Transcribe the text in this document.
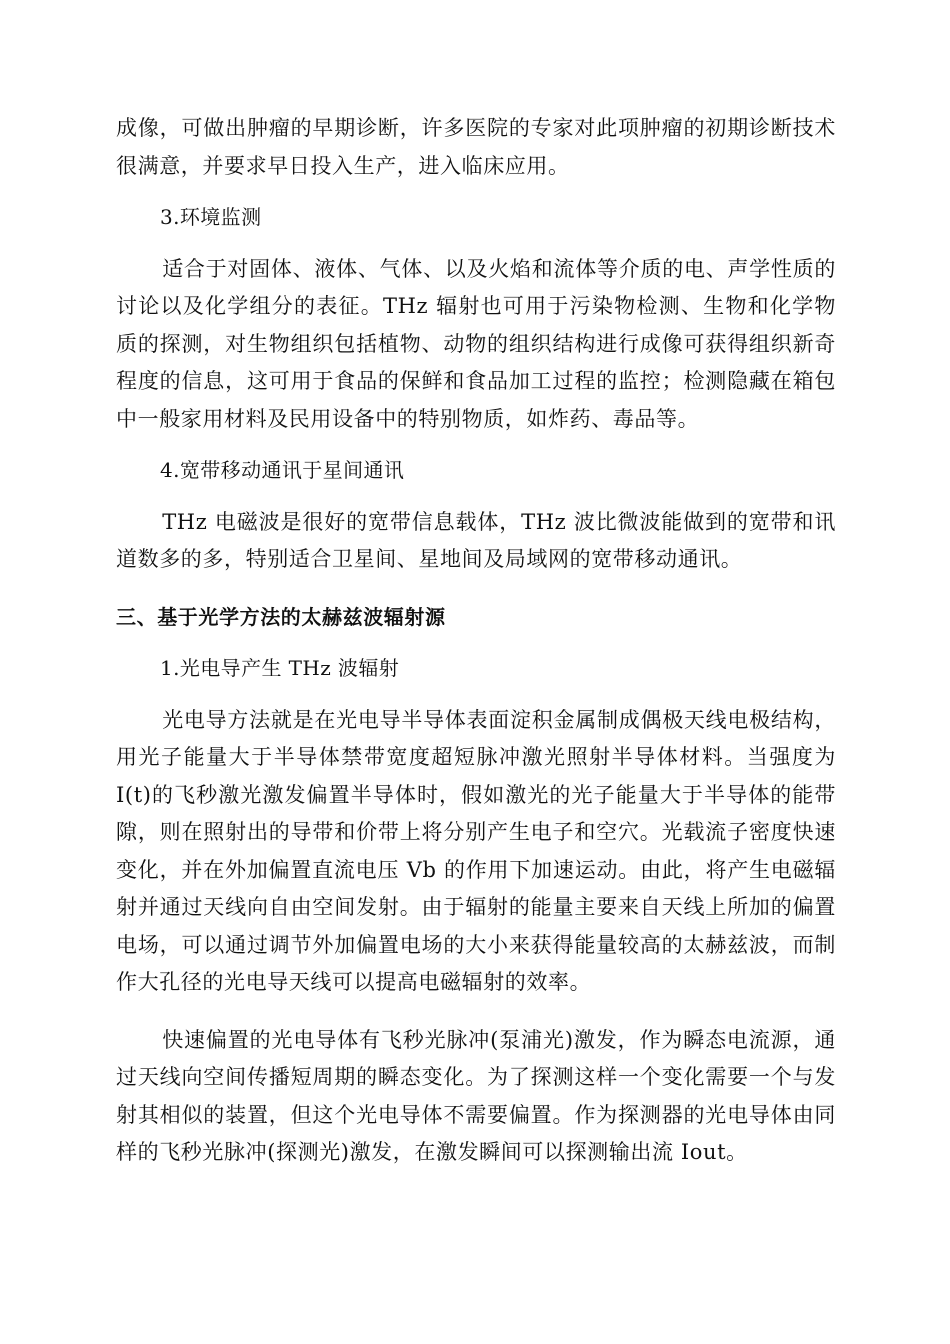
成像，可做出肿瘤的早期诊断，许多医院的专家对此项肿瘤的初期诊断技术很满意，并要求早日投入生产，进入临床应用。

3.环境监测

适合于对固体、液体、气体、以及火焰和流体等介质的电、声学性质的讨论以及化学组分的表征。THz 辐射也可用于污染物检测、生物和化学物质的探测，对生物组织包括植物、动物的组织结构进行成像可获得组织新奇程度的信息，这可用于食品的保鲜和食品加工过程的监控；检测隐藏在箱包中一般家用材料及民用设备中的特别物质，如炸药、毒品等。

4.宽带移动通讯于星间通讯

THz 电磁波是很好的宽带信息载体，THz 波比微波能做到的宽带和讯道数多的多，特别适合卫星间、星地间及局域网的宽带移动通讯。

三、基于光学方法的太赫兹波辐射源

1.光电导产生 THz 波辐射

光电导方法就是在光电导半导体表面淀积金属制成偶极天线电极结构，用光子能量大于半导体禁带宽度超短脉冲激光照射半导体材料。当强度为 I(t)的飞秒激光激发偏置半导体时，假如激光的光子能量大于半导体的能带隙，则在照射出的导带和价带上将分别产生电子和空穴。光载流子密度快速变化，并在外加偏置直流电压 Vb 的作用下加速运动。由此，将产生电磁辐射并通过天线向自由空间发射。由于辐射的能量主要来自天线上所加的偏置电场，可以通过调节外加偏置电场的大小来获得能量较高的太赫兹波，而制作大孔径的光电导天线可以提高电磁辐射的效率。

快速偏置的光电导体有飞秒光脉冲(泵浦光)激发，作为瞬态电流源，通过天线向空间传播短周期的瞬态变化。为了探测这样一个变化需要一个与发射其相似的装置，但这个光电导体不需要偏置。作为探测器的光电导体由同样的飞秒光脉冲(探测光)激发，在激发瞬间可以探测输出流 Iout。
